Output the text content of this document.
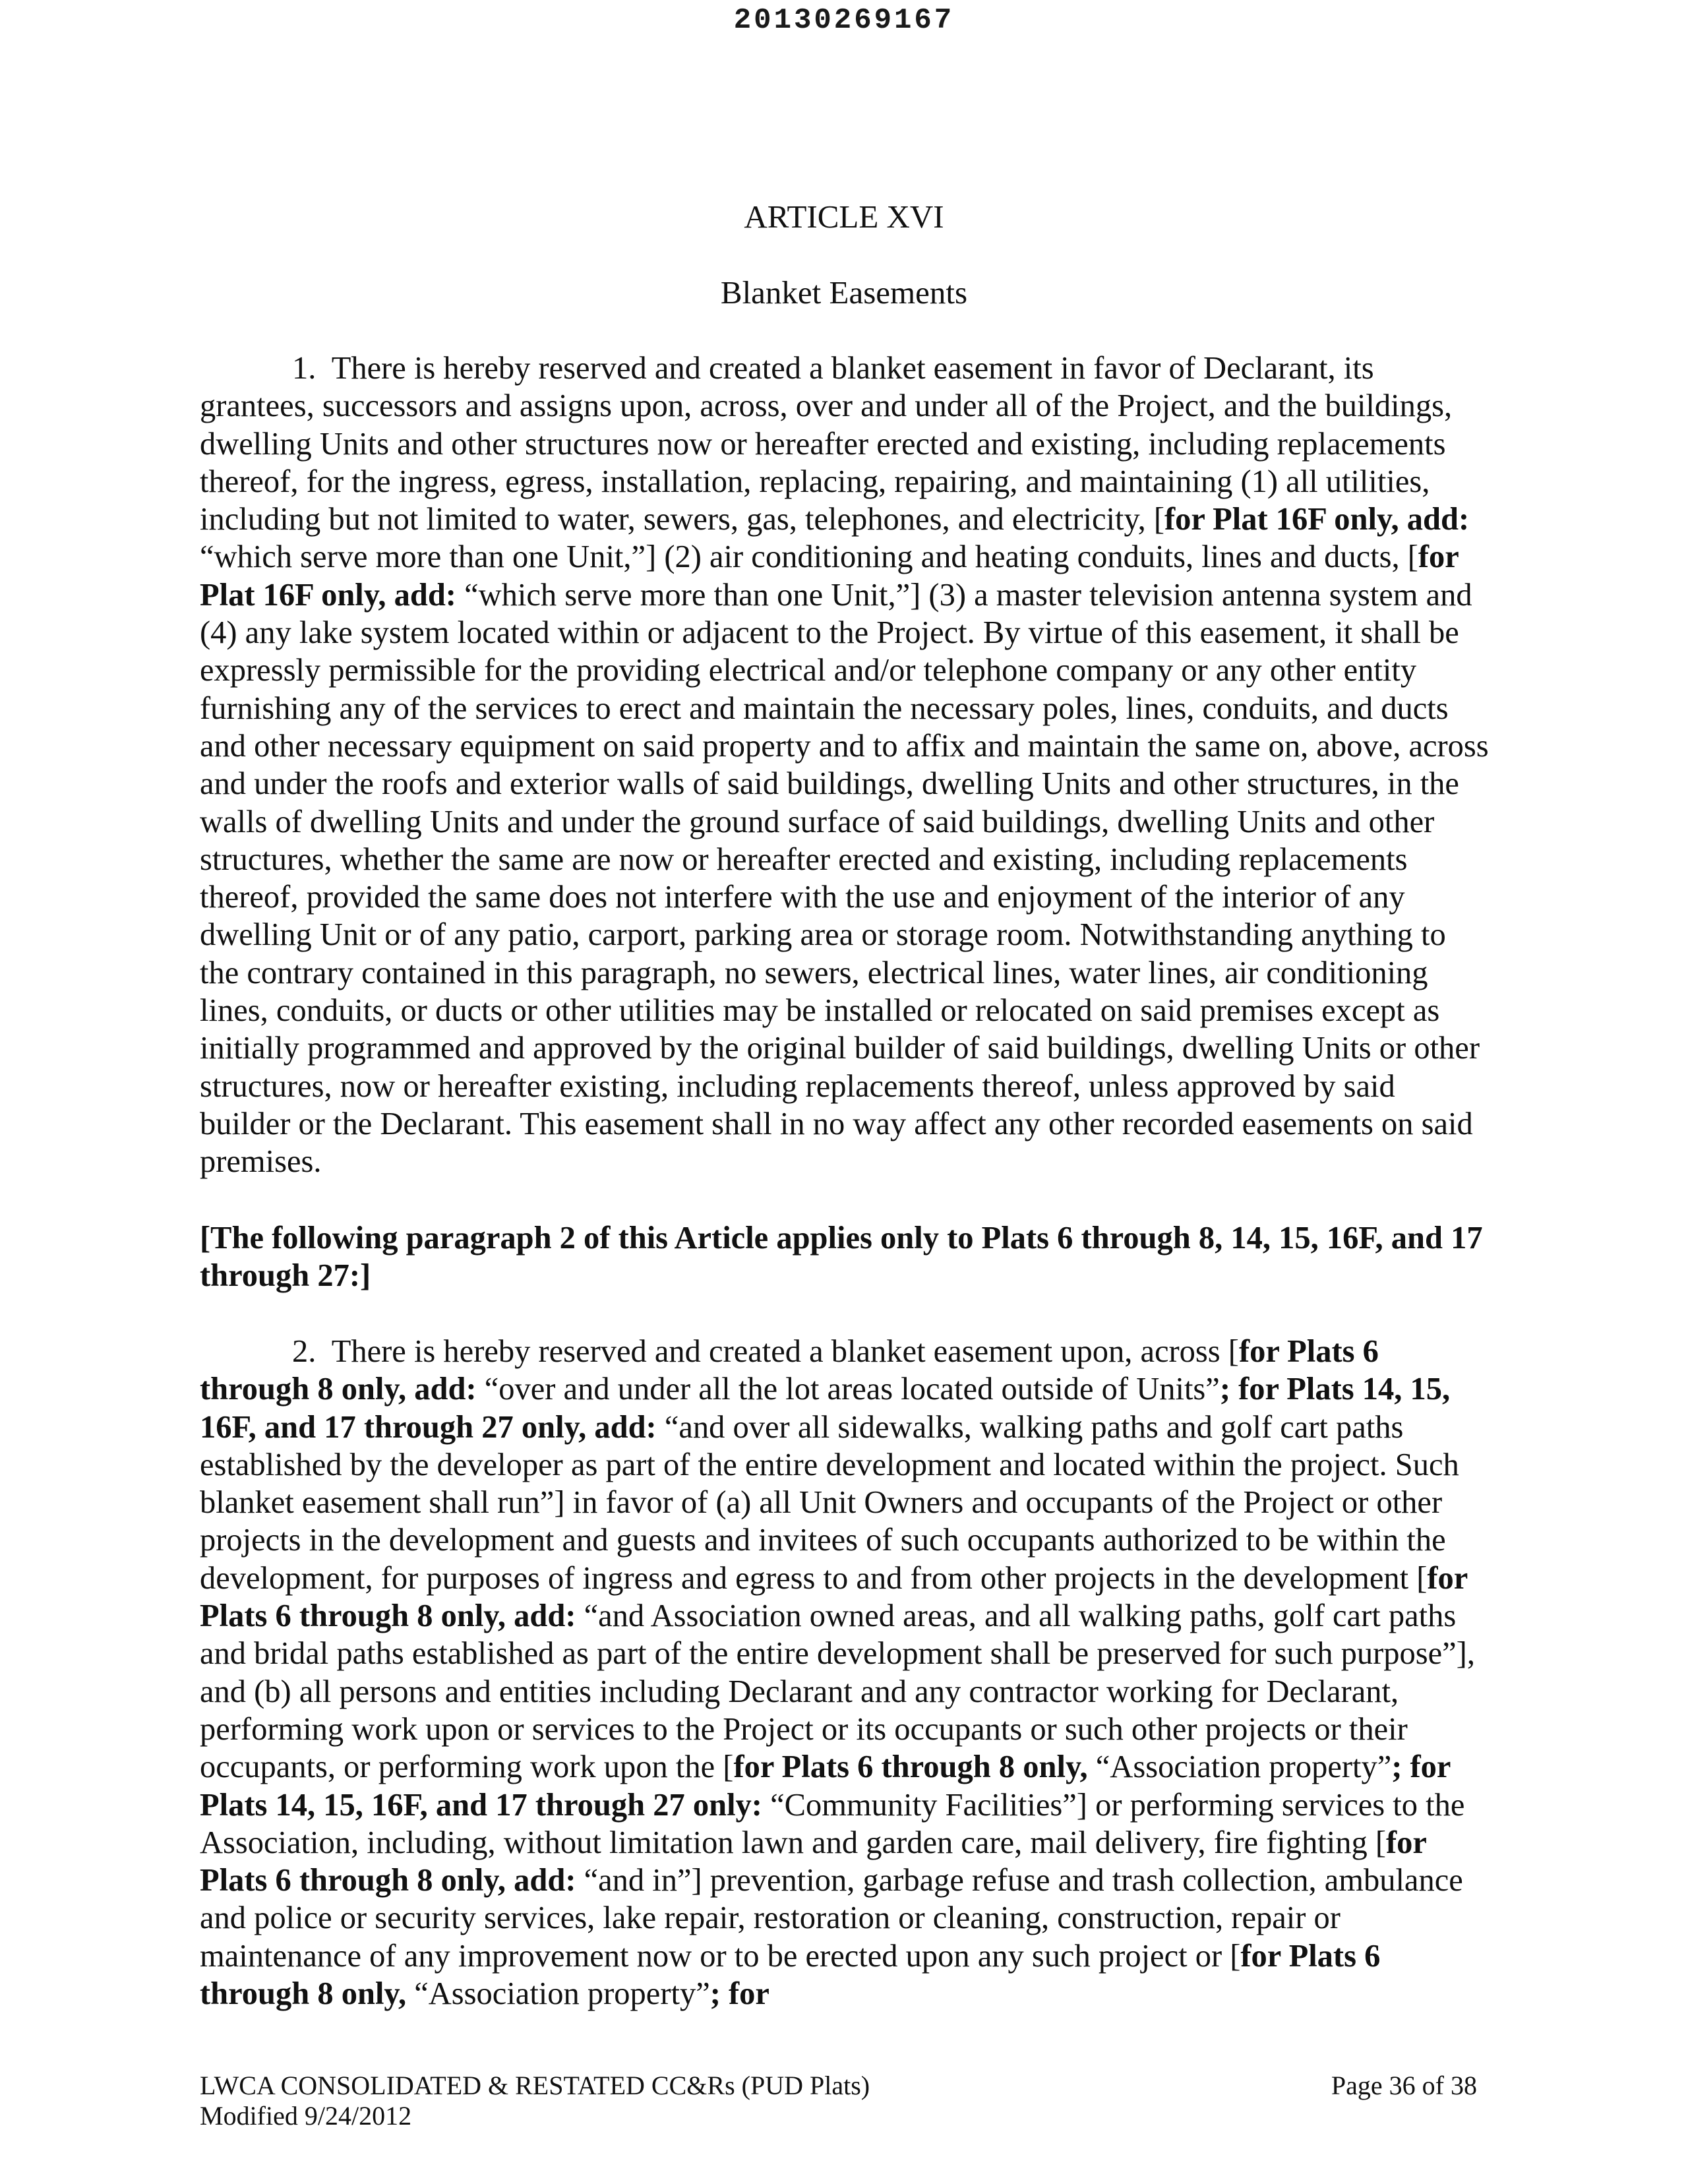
20130269167
ARTICLE XVI
Blanket Easements
1. There is hereby reserved and created a blanket easement in favor of Declarant, its grantees, successors and assigns upon, across, over and under all of the Project, and the buildings, dwelling Units and other structures now or hereafter erected and existing, including replacements thereof, for the ingress, egress, installation, replacing, repairing, and maintaining (1) all utilities, including but not limited to water, sewers, gas, telephones, and electricity, [for Plat 16F only, add: “which serve more than one Unit,”] (2) air conditioning and heating conduits, lines and ducts, [for Plat 16F only, add: “which serve more than one Unit,”] (3) a master television antenna system and (4) any lake system located within or adjacent to the Project. By virtue of this easement, it shall be expressly permissible for the providing electrical and/or telephone company or any other entity furnishing any of the services to erect and maintain the necessary poles, lines, conduits, and ducts and other necessary equipment on said property and to affix and maintain the same on, above, across and under the roofs and exterior walls of said buildings, dwelling Units and other structures, in the walls of dwelling Units and under the ground surface of said buildings, dwelling Units and other structures, whether the same are now or hereafter erected and existing, including replacements thereof, provided the same does not interfere with the use and enjoyment of the interior of any dwelling Unit or of any patio, carport, parking area or storage room. Notwithstanding anything to the contrary contained in this paragraph, no sewers, electrical lines, water lines, air conditioning lines, conduits, or ducts or other utilities may be installed or relocated on said premises except as initially programmed and approved by the original builder of said buildings, dwelling Units or other structures, now or hereafter existing, including replacements thereof, unless approved by said builder or the Declarant. This easement shall in no way affect any other recorded easements on said premises.
[The following paragraph 2 of this Article applies only to Plats 6 through 8, 14, 15, 16F, and 17 through 27:]
2. There is hereby reserved and created a blanket easement upon, across [for Plats 6 through 8 only, add: “over and under all the lot areas located outside of Units”; for Plats 14, 15, 16F, and 17 through 27 only, add: “and over all sidewalks, walking paths and golf cart paths established by the developer as part of the entire development and located within the project. Such blanket easement shall run”] in favor of (a) all Unit Owners and occupants of the Project or other projects in the development and guests and invitees of such occupants authorized to be within the development, for purposes of ingress and egress to and from other projects in the development [for Plats 6 through 8 only, add: “and Association owned areas, and all walking paths, golf cart paths and bridal paths established as part of the entire development shall be preserved for such purpose”], and (b) all persons and entities including Declarant and any contractor working for Declarant, performing work upon or services to the Project or its occupants or such other projects or their occupants, or performing work upon the [for Plats 6 through 8 only, “Association property”; for Plats 14, 15, 16F, and 17 through 27 only: “Community Facilities”] or performing services to the Association, including, without limitation lawn and garden care, mail delivery, fire fighting [for Plats 6 through 8 only, add: “and in”] prevention, garbage refuse and trash collection, ambulance and police or security services, lake repair, restoration or cleaning, construction, repair or maintenance of any improvement now or to be erected upon any such project or [for Plats 6 through 8 only, “Association property”; for
LWCA CONSOLIDATED & RESTATED CC&Rs (PUD Plats)
Modified 9/24/2012
Page 36 of 38
